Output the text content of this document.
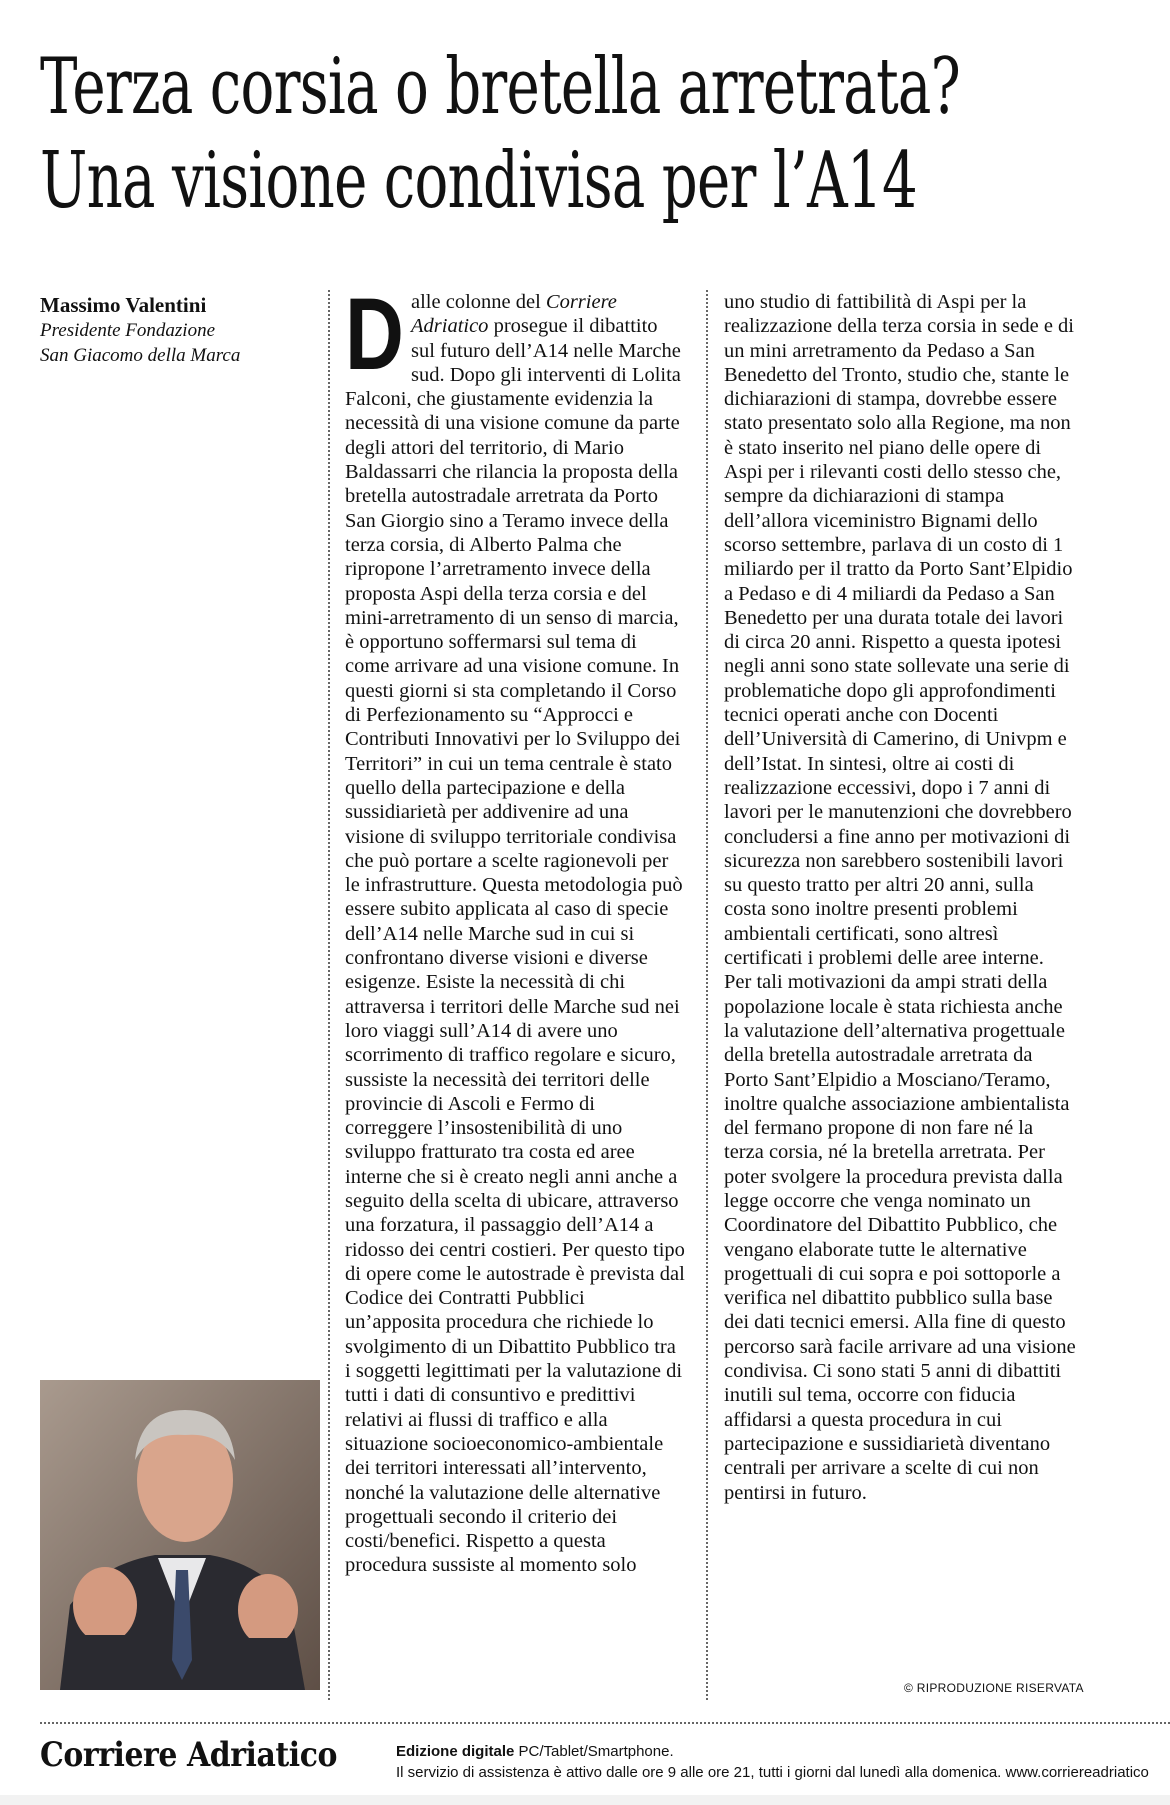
Terza corsia o bretella arretrata?
Una visione condivisa per l’A14
Massimo Valentini
Presidente Fondazione
San Giacomo della Marca	D alle colonne del Corriere Adriatico prosegue il dibattito sul futuro dell’A14 nelle Marche sud. Dopo gli interventi di Lolita Falconi, che giustamente evidenzia la necessità di una visione comune da parte degli attori del territorio, di Mario Baldassarri che rilancia la proposta della bretella autostradale arretrata da Porto San Giorgio sino a Teramo invece della terza corsia, di Alberto Palma che ripropone l’arretramento invece della proposta Aspi della terza corsia e del mini-arretramento di un senso di marcia, è opportuno soffermarsi sul tema di come arrivare ad una visione comune. In questi giorni si sta completando il Corso di Perfezionamento su “Approcci e Contributi Innovativi per lo Sviluppo dei Territori” in cui un tema centrale è stato quello della partecipazione e della sussidiarietà per addivenire ad una visione di sviluppo territoriale condivisa che può portare a scelte ragionevoli per le infrastrutture. Questa metodologia può essere subito applicata al caso di specie dell’A14 nelle Marche sud in cui si confrontano diverse visioni e diverse esigenze. Esiste la necessità di chi attraversa i territori delle Marche sud nei loro viaggi sull’A14 di avere uno scorrimento di traffico regolare e sicuro, sussiste la necessità dei territori delle provincie di Ascoli e Fermo di correggere l’insostenibilità di uno sviluppo fratturato tra costa ed aree interne che si è creato negli anni anche a seguito della scelta di ubicare, attraverso una forzatura, il passaggio dell’A14 a ridosso dei centri costieri. Per questo tipo di opere come le autostrade è prevista dal Codice dei Contratti Pubblici un’apposita procedura che richiede lo svolgimento di un Dibattito Pubblico tra i soggetti legittimati per la valutazione di tutti i dati di consuntivo e predittivi relativi ai flussi di traffico e alla situazione socioeconomico-ambientale dei territori interessati all’intervento, nonché la valutazione delle alternative progettuali secondo il criterio dei costi/benefici. Rispetto a questa procedura sussiste al momento solo

uno studio di fattibilità di Aspi per la realizzazione della terza corsia in sede e di un mini arretramento da Pedaso a San Benedetto del Tronto, studio che, stante le dichiarazioni di stampa, dovrebbe essere stato presentato solo alla Regione, ma non è stato inserito nel piano delle opere di Aspi per i rilevanti costi dello stesso che, sempre da dichiarazioni di stampa dell’allora viceministro Bignami dello scorso settembre, parlava di un costo di 1 miliardo per il tratto da Porto Sant’Elpidio a Pedaso e di 4 miliardi da Pedaso a San Benedetto per una durata totale dei lavori di circa 20 anni. Rispetto a questa ipotesi negli anni sono state sollevate una serie di problematiche dopo gli approfondimenti tecnici operati anche con Docenti dell’Università di Camerino, di Univpm e dell’Istat. In sintesi, oltre ai costi di realizzazione eccessivi, dopo i 7 anni di lavori per le manutenzioni che dovrebbero concludersi a fine anno per motivazioni di sicurezza non sarebbero sostenibili lavori su questo tratto per altri 20 anni, sulla costa sono inoltre presenti problemi ambientali certificati, sono altresì certificati i problemi delle aree interne. Per tali motivazioni da ampi strati della popolazione locale è stata richiesta anche la valutazione dell’alternativa progettuale della bretella autostradale arretrata da Porto Sant’Elpidio a Mosciano/Teramo, inoltre qualche associazione ambientalista del fermano propone di non fare né la terza corsia, né la bretella arretrata. Per poter svolgere la procedura prevista dalla legge occorre che venga nominato un Coordinatore del Dibattito Pubblico, che vengano elaborate tutte le alternative progettuali di cui sopra e poi sottoporle a verifica nel dibattito pubblico sulla base dei dati tecnici emersi. Alla fine di questo percorso sarà facile arrivare ad una visione condivisa. Ci sono stati 5 anni di dibattiti inutili sul tema, occorre con fiducia affidarsi a questa procedura in cui partecipazione e sussidiarietà diventano centrali per arrivare a scelte di cui non pentirsi in futuro.

© RIPRODUZIONE RISERVATA
Corriere Adriatico	Edizione digitale PC/Tablet/Smartphone.
Il servizio di assistenza è attivo dalle ore 9 alle ore 21, tutti i giorni dal lunedì alla domenica. www.corriereadriatico
